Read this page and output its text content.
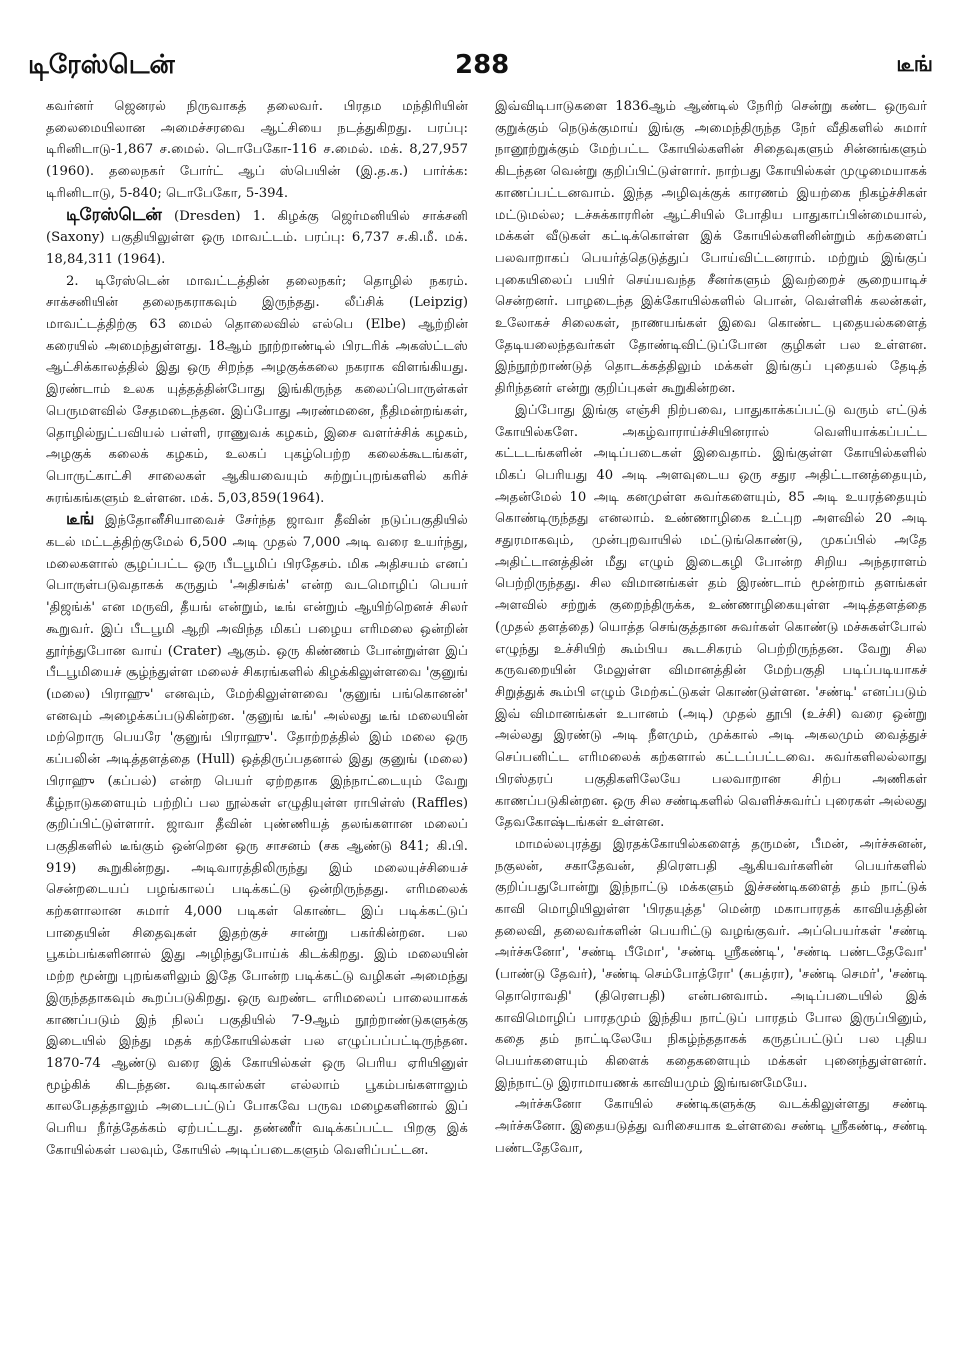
டிரேஸ்டென்	288	டீங்

கவர்னர் ஜெனரல் நிருவாகத் தலைவர். பிரதம மந்திரியின் தலைமையிலான அமைச்சரவை ஆட்சியை நடத்துகிறது. பரப்பு: டிரினிடாடு-1,867 ச.மைல். டொபேகோ-116 ச.மைல். மக். 8,27,957 (1960). தலைநகர் போர்ட் ஆப் ஸ்பெயின் (இ.த.க.) பார்க்க: டிரினிடாடு, 5-840; டொபேகோ, 5-394.

டிரேஸ்டென் (Dresden) 1. கிழக்கு ஜெர்மனியில் சாக்சனி (Saxony) பகுதியிலுள்ள ஒரு மாவட்டம். பரப்பு: 6,737 ச.கி.மீ. மக். 18,84,311 (1964).

2. டிரேஸ்டென் மாவட்டத்தின் தலைநகர்; தொழில் நகரம். சாக்சனியின் தலைநகராகவும் இருந்தது. லீப்சிக் (Leipzig) மாவட்டத்திற்கு 63 மைல் தொலைவில் எல்பெ (Elbe) ஆற்றின் கரையில் அமைந்துள்ளது. 18ஆம் நூற்றாண்டில் பிரடரிக் அகஸ்ட்டஸ் ஆட்சிக்காலத்தில் இது ஒரு சிறந்த அழகுக்கலை நகராக விளங்கியது. இரண்டாம் உலக யுத்தத்தின்போது இங்கிருந்த கலைப்பொருள்கள் பெருமளவில் சேதமடைந்தன. இப்போது அரண்மனை, நீதிமன்றங்கள், தொழில்நுட்பவியல் பள்ளி, ராணுவக் கழகம், இசை வளர்ச்சிக் கழகம், அழகுக் கலைக் கழகம், உலகப் புகழ்பெற்ற கலைக்கூடங்கள், பொருட்காட்சி சாலைகள் ஆகியவையும் சுற்றுப்புறங்களில் கரிச் சுரங்கங்களும் உள்ளன. மக். 5,03,859(1964).

டீங் இந்தோனீசியாவைச் சேர்ந்த ஜாவா தீவின் நடுப்பகுதியில் கடல் மட்டத்திற்குமேல் 6,500 அடி முதல் 7,000 அடி வரை உயர்ந்து, மலைகளால் சூழப்பட்ட ஒரு பீடபூமிப் பிரதேசம். மிக அதிசயம் எனப் பொருள்படுவதாகக் கருதும் 'அதிசங்க்' என்ற வடமொழிப் பெயர் 'திஜங்க்' என மருவி, தீயங் என்றும், டீங் என்றும் ஆயிற்றெனச் சிலர் கூறுவர். இப் பீடபூமி ஆறி அவிந்த மிகப் பழைய எரிமலை ஒன்றின் தூர்ந்துபோன வாய் (Crater) ஆகும். ஒரு கிண்ணம் போன்றுள்ள இப் பீடபூமியைச் சூழ்ந்துள்ள மலைச் சிகரங்களில் கிழக்கிலுள்ளவை 'குனுங் (மலை) பிராஹு' எனவும், மேற்கிலுள்ளவை 'குனுங் பங்கொனன்' எனவும் அழைக்கப்படுகின்றன. 'குனுங் டீங்' அல்லது டீங் மலையின் மற்றொரு பெயரே 'குனுங் பிராஹு'. தோற்றத்தில் இம் மலை ஒரு கப்பலின் அடித்தளத்தை (Hull) ஒத்திருப்பதனால் இது குனுங் (மலை) பிராஹு (கப்பல்) என்ற பெயர் ஏற்றதாக இந்நாட்டையும் வேறு கீழ்நாடுகளையும் பற்றிப் பல நூல்கள் எழுதியுள்ள ராபிள்ஸ் (Raffles) குறிப்பிட்டுள்ளார். ஜாவா தீவின் புண்ணியத் தலங்களான மலைப் பகுதிகளில் டீங்கும் ஒன்றென ஒரு சாசனம் (சக ஆண்டு 841; கி.பி. 919) கூறுகின்றது. அடிவாரத்திலிருந்து இம் மலையுச்சியைச் சென்றடையப் பழங்காலப் படிக்கட்டு ஒன்றிருந்தது. எரிமலைக் கற்களாலான சுமார் 4,000 படிகள் கொண்ட இப் படிக்கட்டுப் பாதையின் சிதைவுகள் இதற்குச் சான்று பகர்கின்றன. பல பூகம்பங்களினால் இது அழிந்துபோய்க் கிடக்கிறது. இம் மலையின் மற்ற மூன்று புறங்களிலும் இதே போன்ற படிக்கட்டு வழிகள் அமைந்து இருந்ததாகவும் கூறப்படுகிறது. ஒரு வறண்ட எரிமலைப் பாலையாகக் காணப்படும் இந் நிலப் பகுதியில் 7-9ஆம் நூற்றாண்டுகளுக்கு இடையில் இந்து மதக் கற்கோயில்கள் பல எழுப்பப்பட்டிருந்தன. 1870-74 ஆண்டு வரை இக் கோயில்கள் ஒரு பெரிய ஏரியினுள் மூழ்கிக் கிடந்தன. வடிகால்கள் எல்லாம் பூகம்பங்களாலும் காலபேதத்தாலும் அடைபட்டுப் போகவே பருவ மழைகளினால் இப் பெரிய நீர்த்தேக்கம் ஏற்பட்டது. தண்ணீர் வடிக்கப்பட்ட பிறகு இக் கோயில்கள் பலவும், கோயில் அடிப்படைகளும் வெளிப்பட்டன.

இவ்விடிபாடுகளை 1836ஆம் ஆண்டில் நேரிற் சென்று கண்ட ஒருவர் குறுக்கும் நெடுக்குமாய் இங்கு அமைந்திருந்த நேர் வீதிகளில் சுமார் நானூற்றுக்கும் மேற்பட்ட கோயில்களின் சிதைவுகளும் சின்னங்களும் கிடந்தன வென்று குறிப்பிட்டுள்ளார். நாற்பது கோயில்கள் முழுமையாகக் காணப்பட்டனவாம். இந்த அழிவுக்குக் காரணம் இயற்கை நிகழ்ச்சிகள் மட்டுமல்ல; டச்சுக்காரரின் ஆட்சியில் போதிய பாதுகாப்பின்மையால், மக்கள் வீடுகள் கட்டிக்கொள்ள இக் கோயில்களினின்றும் கற்களைப் பலவாறாகப் பெயர்த்தெடுத்துப் போய்விட்டனராம். மற்றும் இங்குப் புகையிலைப் பயிர் செய்யவந்த சீனர்களும் இவற்றைச் சூறையாடிச் சென்றனர். பாழடைந்த இக்கோயில்களில் பொன், வெள்ளிக் கலன்கள், உலோகச் சிலைகள், நாணயங்கள் இவை கொண்ட புதையல்களைத் தேடியலைந்தவர்கள் தோண்டிவிட்டுப்போன குழிகள் பல உள்ளன. இந்நூற்றாண்டுத் தொடக்கத்திலும் மக்கள் இங்குப் புதையல் தேடித் திரிந்தனர் என்று குறிப்புகள் கூறுகின்றன.

இப்போது இங்கு எஞ்சி நிற்பவை, பாதுகாக்கப்பட்டு வரும் எட்டுக் கோயில்களே. அகழ்வாராய்ச்சியினரால் வெளியாக்கப்பட்ட கட்டடங்களின் அடிப்படைகள் இவைதாம். இங்குள்ள கோயில்களில் மிகப் பெரியது 40 அடி அளவுடைய ஒரு சதுர அதிட்டானத்தையும், அதன்மேல் 10 அடி கனமுள்ள சுவர்களையும், 85 அடி உயரத்தையும் கொண்டிருந்தது எனலாம். உண்ணாழிகை உட்புற அளவில் 20 அடி சதுரமாகவும், முன்புறவாயில் மட்டுங்கொண்டு, முகப்பில் அதே அதிட்டானத்தின் மீது எழும் இடைகழி போன்ற சிறிய அந்தராளம் பெற்றிருந்தது. சில விமானங்கள் தம் இரண்டாம் மூன்றாம் தளங்கள் அளவில் சற்றுக் குறைந்திருக்க, உண்ணாழிகையுள்ள அடித்தளத்தை (முதல் தளத்தை) யொத்த செங்குத்தான சுவர்கள் கொண்டு மச்சுகள்போல் எழுந்து உச்சியிற் கூம்பிய கூடசிகரம் பெற்றிருந்தன. வேறு சில கருவறையின் மேலுள்ள விமானத்தின் மேற்பகுதி படிப்படியாகச் சிறுத்துக் கூம்பி எழும் மேற்கட்டுகள் கொண்டுள்ளன. 'சண்டி' எனப்படும் இவ் விமானங்கள் உபானம் (அடி) முதல் தூபி (உச்சி) வரை ஒன்று அல்லது இரண்டு அடி நீளமும், முக்கால் அடி அகலமும் வைத்துச் செப்பனிட்ட எரிமலைக் கற்களால் கட்டப்பட்டவை. சுவர்களிலல்லாது பிரஸ்தரப் பகுதிகளிலேயே பலவாறான சிற்ப அணிகள் காணப்படுகின்றன. ஒரு சில சண்டிகளில் வெளிச்சுவர்ப் புரைகள் அல்லது தேவகோஷ்டங்கள் உள்ளன.

மாமல்லபுரத்து இரதக்கோயில்களைத் தருமன், பீமன், அர்ச்சுனன், நகுலன், சகாதேவன், திரௌபதி ஆகியவர்களின் பெயர்களில் குறிப்பதுபோன்று இந்நாட்டு மக்களும் இச்சண்டிகளைத் தம் நாட்டுக் காவி மொழியிலுள்ள 'பிரதயுத்த' மென்ற மகாபாரதக் காவியத்தின் தலைவி, தலைவர்களின் பெயரிட்டு வழங்குவர். அப்பெயர்கள் 'சண்டி அர்ச்சுனோ', 'சண்டி பீமோ', 'சண்டி ஸ்ரீகண்டி', 'சண்டி பண்டதேவோ' (பாண்டு தேவர்), 'சண்டி செம்போத்ரோ' (சுபத்ரா), 'சண்டி செமர்', 'சண்டி தொரொவதி' (திரௌபதி) என்பனவாம். அடிப்படையில் இக் காவிமொழிப் பாரதமும் இந்திய நாட்டுப் பாரதம் போல இருப்பினும், கதை தம் நாட்டிலேயே நிகழ்ந்ததாகக் கருதப்பட்டுப் பல புதிய பெயர்களையும் கிளைக் கதைகளையும் மக்கள் புனைந்துள்ளனர். இந்நாட்டு இராமாயணக் காவியமும் இங்ஙனமேயே.

அர்ச்சுனோ கோயில் சண்டிகளுக்கு வடக்கிலுள்ளது சண்டி அர்ச்சுனோ. இதையடுத்து வரிசையாக உள்ளவை சண்டி ஸ்ரீகண்டி, சண்டி பண்டதேவோ,
